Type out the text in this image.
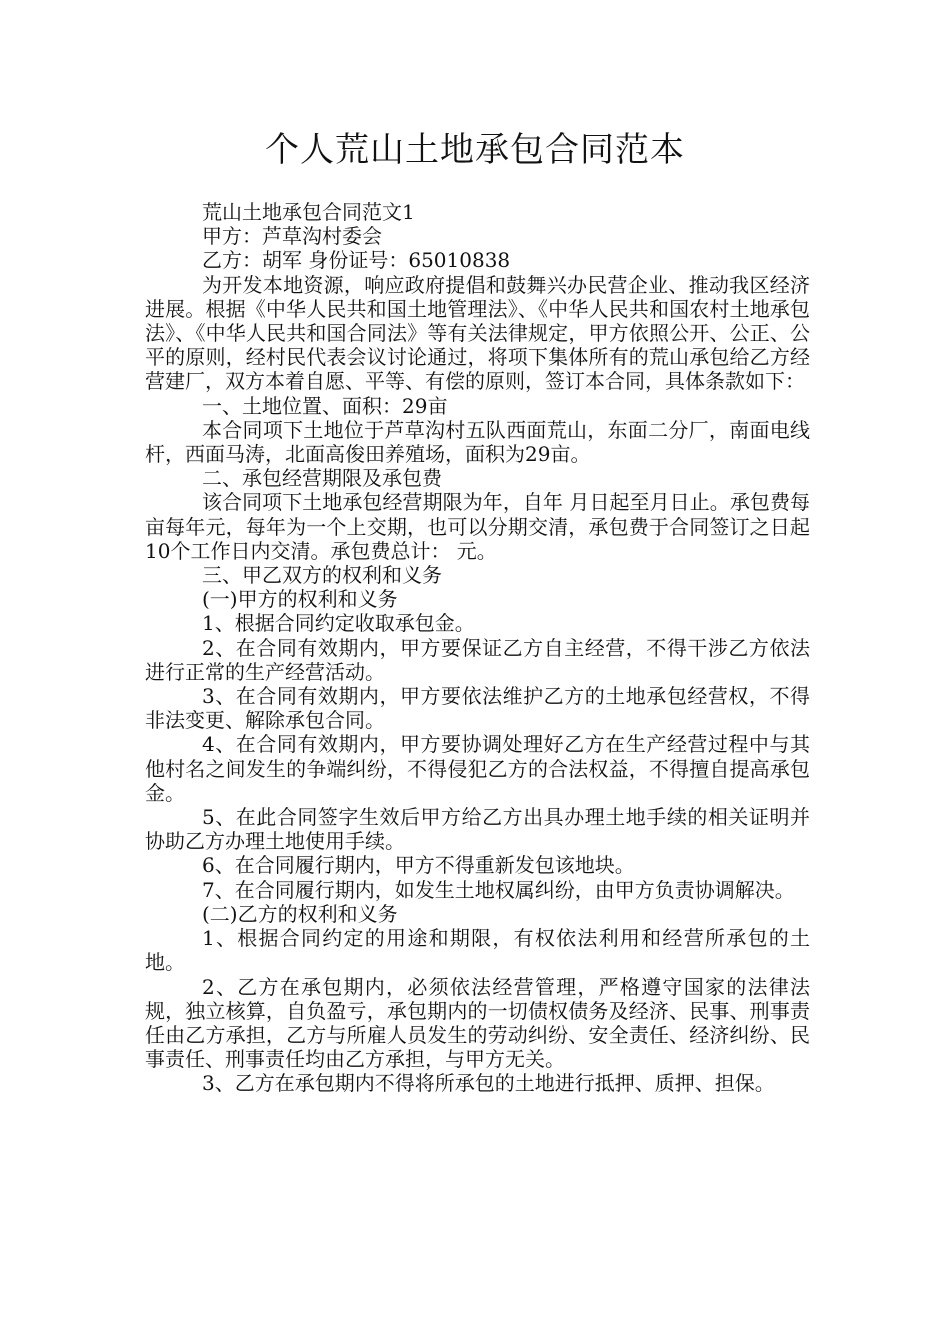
个人荒山土地承包合同范本

荒山土地承包合同范文1

甲方：芦草沟村委会

乙方：胡军 身份证号：65010838

为开发本地资源，响应政府提倡和鼓舞兴办民营企业、推动我区经济进展。根据《中华人民共和国土地管理法》、《中华人民共和国农村土地承包法》、《中华人民共和国合同法》等有关法律规定，甲方依照公开、公正、公平的原则，经村民代表会议讨论通过，将项下集体所有的荒山承包给乙方经营建厂，双方本着自愿、平等、有偿的原则，签订本合同，具体条款如下：

一、土地位置、面积：29亩

本合同项下土地位于芦草沟村五队西面荒山，东面二分厂，南面电线杆，西面马涛，北面高俊田养殖场，面积为29亩。

二、承包经营期限及承包费

该合同项下土地承包经营期限为年，自年 月日起至月日止。承包费每亩每年元，每年为一个上交期，也可以分期交清，承包费于合同签订之日起10个工作日内交清。承包费总计： 元。

三、甲乙双方的权利和义务

(一)甲方的权利和义务

1、根据合同约定收取承包金。

2、在合同有效期内，甲方要保证乙方自主经营，不得干涉乙方依法进行正常的生产经营活动。

3、在合同有效期内，甲方要依法维护乙方的土地承包经营权，不得非法变更、解除承包合同。

4、在合同有效期内，甲方要协调处理好乙方在生产经营过程中与其他村名之间发生的争端纠纷，不得侵犯乙方的合法权益，不得擅自提高承包金。

5、在此合同签字生效后甲方给乙方出具办理土地手续的相关证明并协助乙方办理土地使用手续。

6、在合同履行期内，甲方不得重新发包该地块。

7、在合同履行期内，如发生土地权属纠纷，由甲方负责协调解决。

(二)乙方的权利和义务

1、根据合同约定的用途和期限，有权依法利用和经营所承包的土地。

2、乙方在承包期内，必须依法经营管理，严格遵守国家的法律法规，独立核算，自负盈亏，承包期内的一切债权债务及经济、民事、刑事责任由乙方承担，乙方与所雇人员发生的劳动纠纷、安全责任、经济纠纷、民事责任、刑事责任均由乙方承担，与甲方无关。

3、乙方在承包期内不得将所承包的土地进行抵押、质押、担保。
